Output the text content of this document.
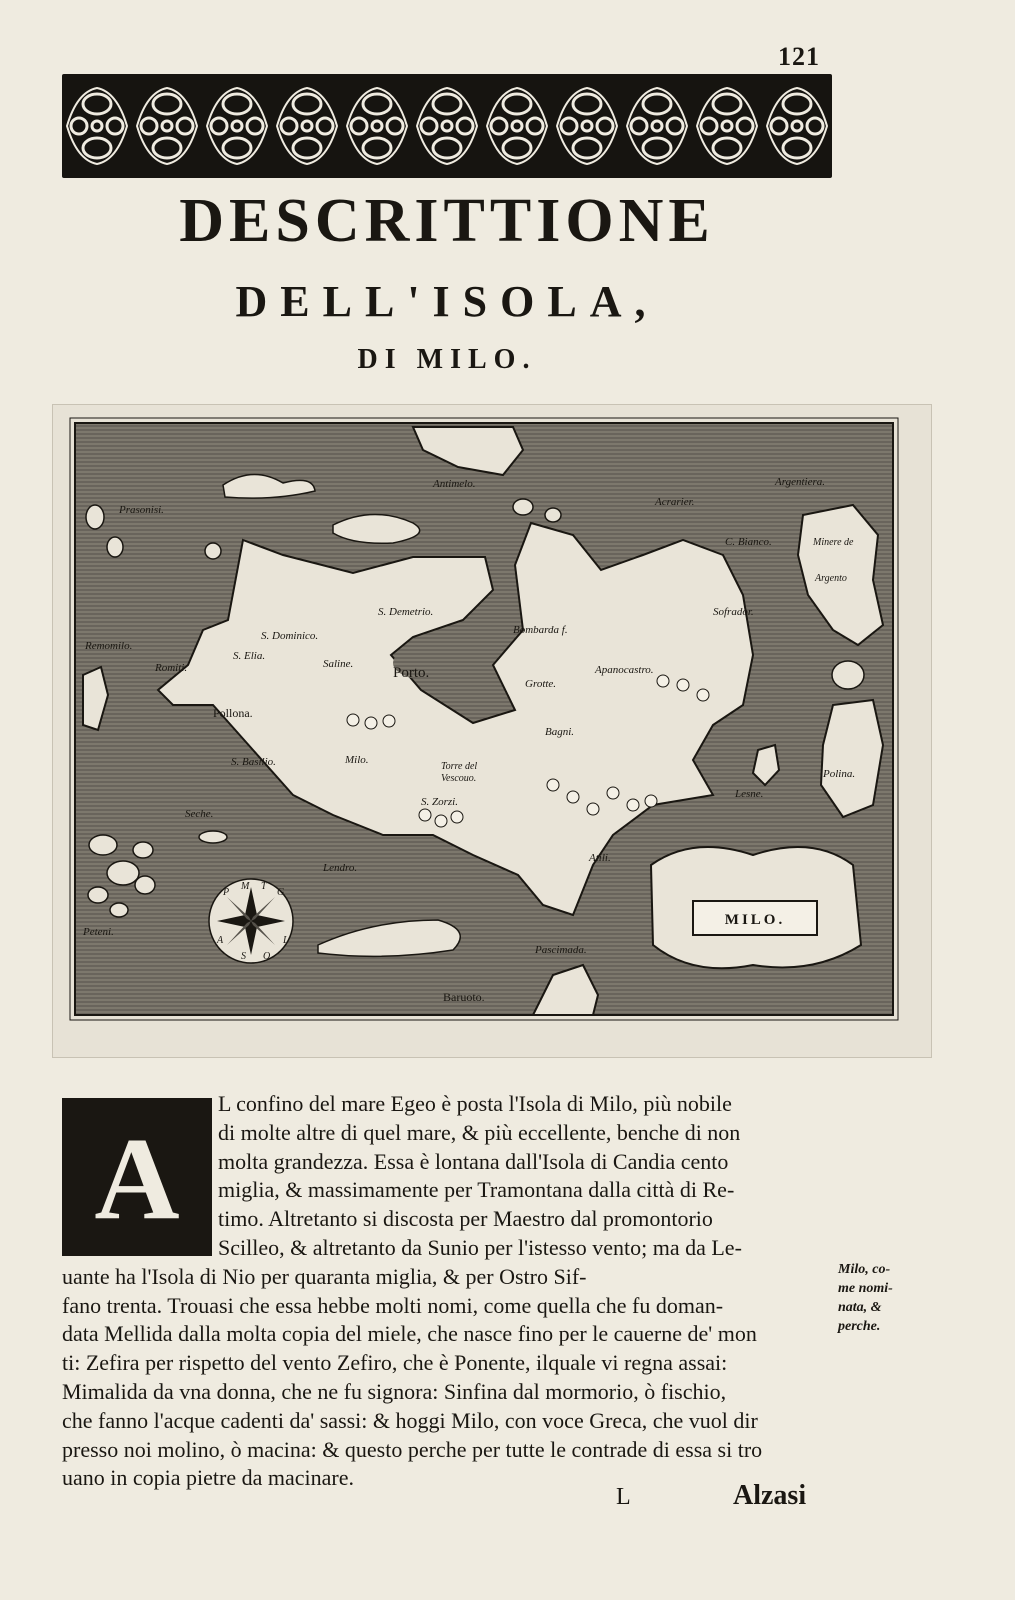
121
DESCRITTIONE
DELL'ISOLA,
DI MILO.
P
M T
G
L
O
S
A
MILO.
Antimelo.	Argentiera.
Prasonisi.
Acrarier.
C. Bianco.	Minere de
Argento
S. Demetrio.
S. Dominico.	Bombarda f.
Sofrador.
Remomilo.
S. Elia.
Saline.
Porto.
Romiti.	Apanocastro.
Grotte.
Pollona.
Bagni.
S. Basilio.	Milo.
Torre del
Vescouo.
Lesne.
Polina.
S. Zorzi.
Seche.
Lendro.
Atili.
Peteni.
Pascimada.
Baruoto.
A
L confino del mare Egeo è posta l'Isola di Milo, più nobile
di molte altre di quel mare, & più eccellente, benche di non
molta grandezza. Essa è lontana dall'Isola di Candia cento
miglia, & massimamente per Tramontana dalla città di Re-
timo. Altretanto si discosta per Maestro dal promontorio
Scilleo, & altretanto da Sunio per l'istesso vento; ma da Le-
uante ha l'Isola di Nio per quaranta miglia, & per Ostro Sif-
fano trenta. Trouasi che essa hebbe molti nomi, come quella che fu doman-
data Mellida dalla molta copia del miele, che nasce fino per le cauerne de' mon
ti: Zefira per rispetto del vento Zefiro, che è Ponente, ilquale vi regna assai:
Mimalida da vna donna, che ne fu signora: Sinfina dal mormorio, ò fischio,
che fanno l'acque cadenti da' sassi: & hoggi Milo, con voce Greca, che vuol dir
presso noi molino, ò macina: & questo perche per tutte le contrade di essa si tro
uano in copia pietre da macinare.
Milo, co-
me nomi-
nata, &
perche.
L	Alzasi
